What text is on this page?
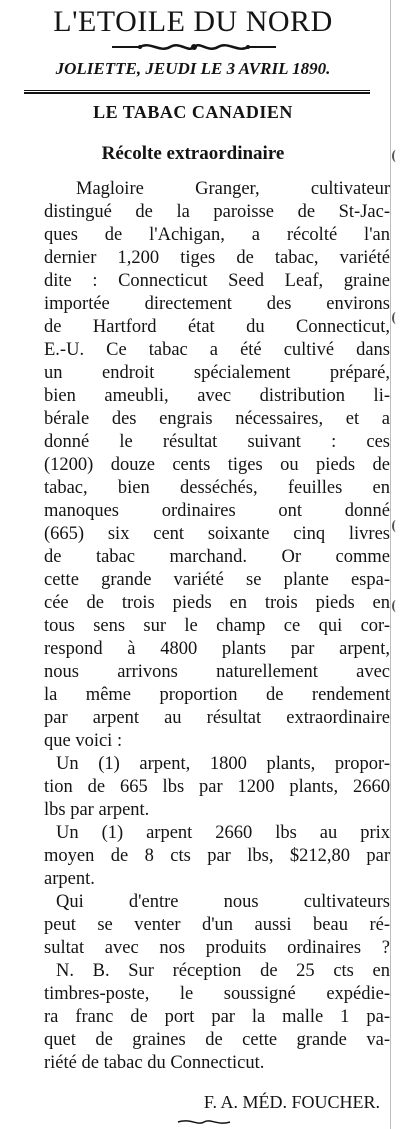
L'ETOILE DU NORD
JOLIETTE, JEUDI LE 3 AVRIL 1890.
LE TABAC CANADIEN
Récolte extraordinaire
Magloire Granger, cultivateur
distingué de la paroisse de St-Jac-
ques de l'Achigan, a récolté l'an
dernier 1,200 tiges de tabac, variété
dite : Connecticut Seed Leaf, graine
importée directement des environs
de Hartford état du Connecticut,
E.-U. Ce tabac a été cultivé dans
un endroit spécialement préparé,
bien ameubli, avec distribution li-
bérale des engrais nécessaires, et a
donné le résultat suivant : ces
(1200) douze cents tiges ou pieds de
tabac, bien desséchés, feuilles en
manoques ordinaires ont donné
(665) six cent soixante cinq livres
de tabac marchand. Or comme
cette grande variété se plante espa-
cée de trois pieds en trois pieds en
tous sens sur le champ ce qui cor-
respond à 4800 plants par arpent,
nous arrivons naturellement avec
la même proportion de rendement
par arpent au résultat extraordinaire
que voici :
Un (1) arpent, 1800 plants, propor-
tion de 665 lbs par 1200 plants, 2660
lbs par arpent.
Un (1) arpent 2660 lbs au prix
moyen de 8 cts par lbs, $212,80 par
arpent.
Qui d'entre nous cultivateurs
peut se venter d'un aussi beau ré-
sultat avec nos produits ordinaires ?
N. B. Sur réception de 25 cts en
timbres-poste, le soussigné expédie-
ra franc de port par la malle 1 pa-
quet de graines de cette grande va-
riété de tabac du Connecticut.
F. A. MÉD. FOUCHER.
